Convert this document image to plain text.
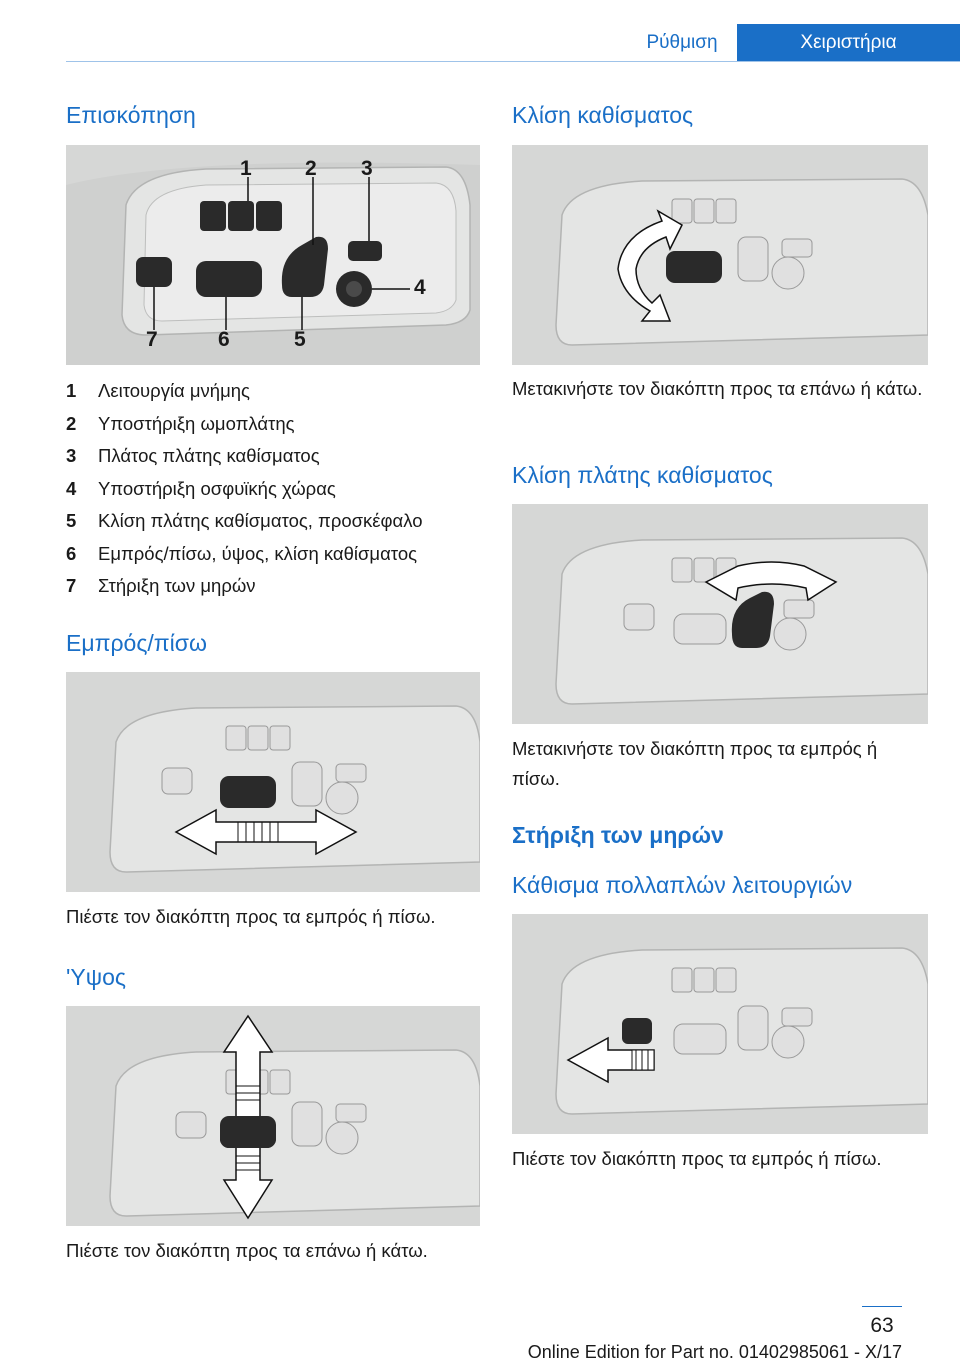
Ρύθμιση	Χειριστήρια
Επισκόπηση
1	2 3
4
5
6
7
1	Λειτουργία μνήμης
2	Υποστήριξη ωμοπλάτης
3	Πλάτος πλάτης καθίσματος
4	Υποστήριξη οσφυϊκής χώρας
5	Κλίση πλάτης καθίσματος, προσκέφαλο
6	Εμπρός/πίσω, ύψος, κλίση καθίσματος
7	Στήριξη των μηρών
Εμπρός/πίσω

Πιέστε τον διακόπτη προς τα εμπρός ή πίσω.

'Υψος

Πιέστε τον διακόπτη προς τα επάνω ή κάτω.

Κλίση καθίσματος

Μετακινήστε τον διακόπτη προς τα επάνω ή κάτω.

Κλίση πλάτης καθίσματος

Μετακινήστε τον διακόπτη προς τα εμπρός ή πίσω.

Στήριξη των μηρών
Κάθισμα πολλαπλών λειτουργιών

Πιέστε τον διακόπτη προς τα εμπρός ή πίσω.

63
Online Edition for Part no. 01402985061 - X/17
